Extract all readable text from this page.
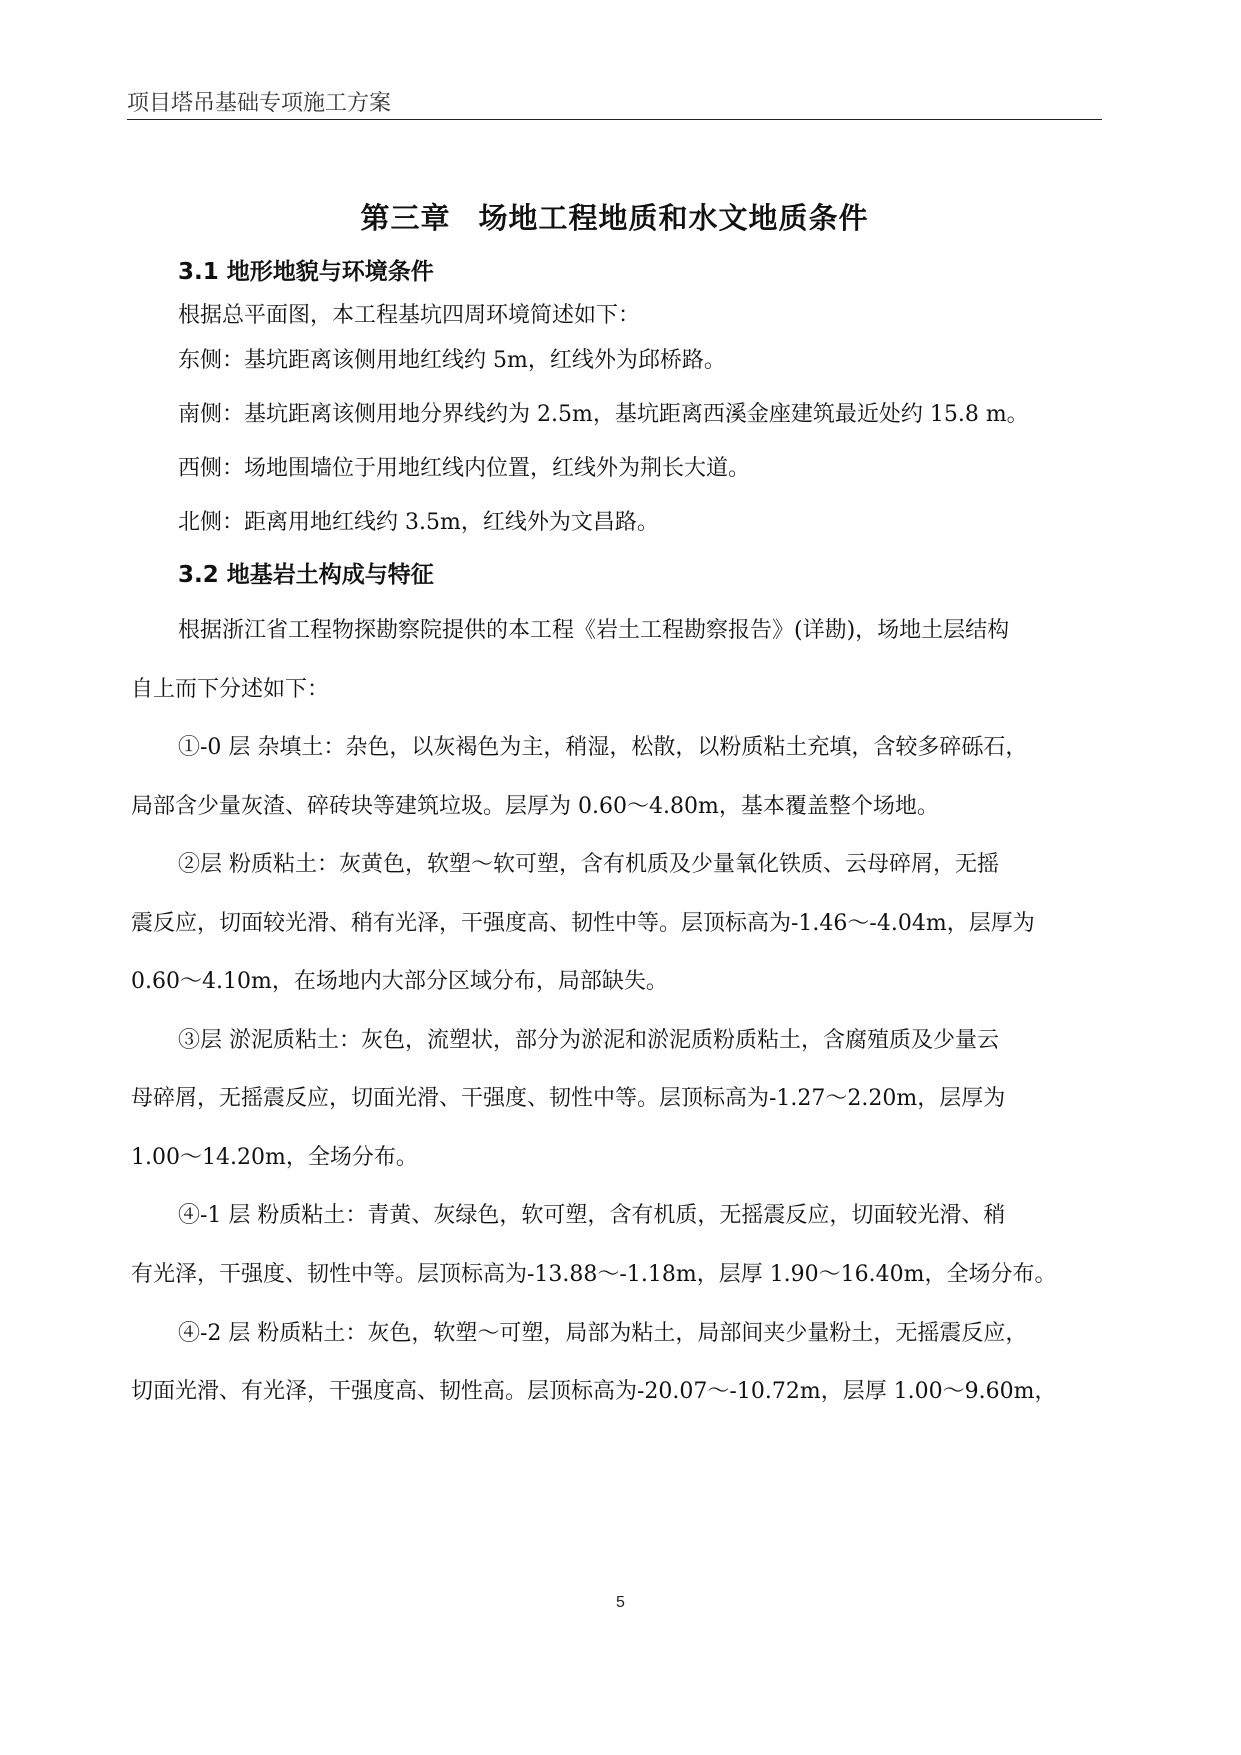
项目塔吊基础专项施工方案
第三章 场地工程地质和水文地质条件
3.1 地形地貌与环境条件
根据总平面图，本工程基坑四周环境简述如下：
东侧：基坑距离该侧用地红线约 5m，红线外为邱桥路。
南侧：基坑距离该侧用地分界线约为 2.5m，基坑距离西溪金座建筑最近处约 15.8 m。
西侧：场地围墙位于用地红线内位置，红线外为荆长大道。
北侧：距离用地红线约 3.5m，红线外为文昌路。
3.2 地基岩土构成与特征
根据浙江省工程物探勘察院提供的本工程《岩土工程勘察报告》(详勘)，场地土层结构
自上而下分述如下：
①-0 层 杂填土：杂色，以灰褐色为主，稍湿，松散，以粉质粘土充填，含较多碎砾石，
局部含少量灰渣、碎砖块等建筑垃圾。层厚为 0.60～4.80m，基本覆盖整个场地。
②层 粉质粘土：灰黄色，软塑～软可塑，含有机质及少量氧化铁质、云母碎屑，无摇
震反应，切面较光滑、稍有光泽，干强度高、韧性中等。层顶标高为-1.46～-4.04m，层厚为
0.60～4.10m，在场地内大部分区域分布，局部缺失。
③层 淤泥质粘土：灰色，流塑状，部分为淤泥和淤泥质粉质粘土，含腐殖质及少量云
母碎屑，无摇震反应，切面光滑、干强度、韧性中等。层顶标高为-1.27～2.20m，层厚为
1.00～14.20m，全场分布。
④-1 层 粉质粘土：青黄、灰绿色，软可塑，含有机质，无摇震反应，切面较光滑、稍
有光泽，干强度、韧性中等。层顶标高为-13.88～-1.18m，层厚 1.90～16.40m，全场分布。
④-2 层 粉质粘土：灰色，软塑～可塑，局部为粘土，局部间夹少量粉土，无摇震反应，
切面光滑、有光泽，干强度高、韧性高。层顶标高为-20.07～-10.72m，层厚 1.00～9.60m，
5
